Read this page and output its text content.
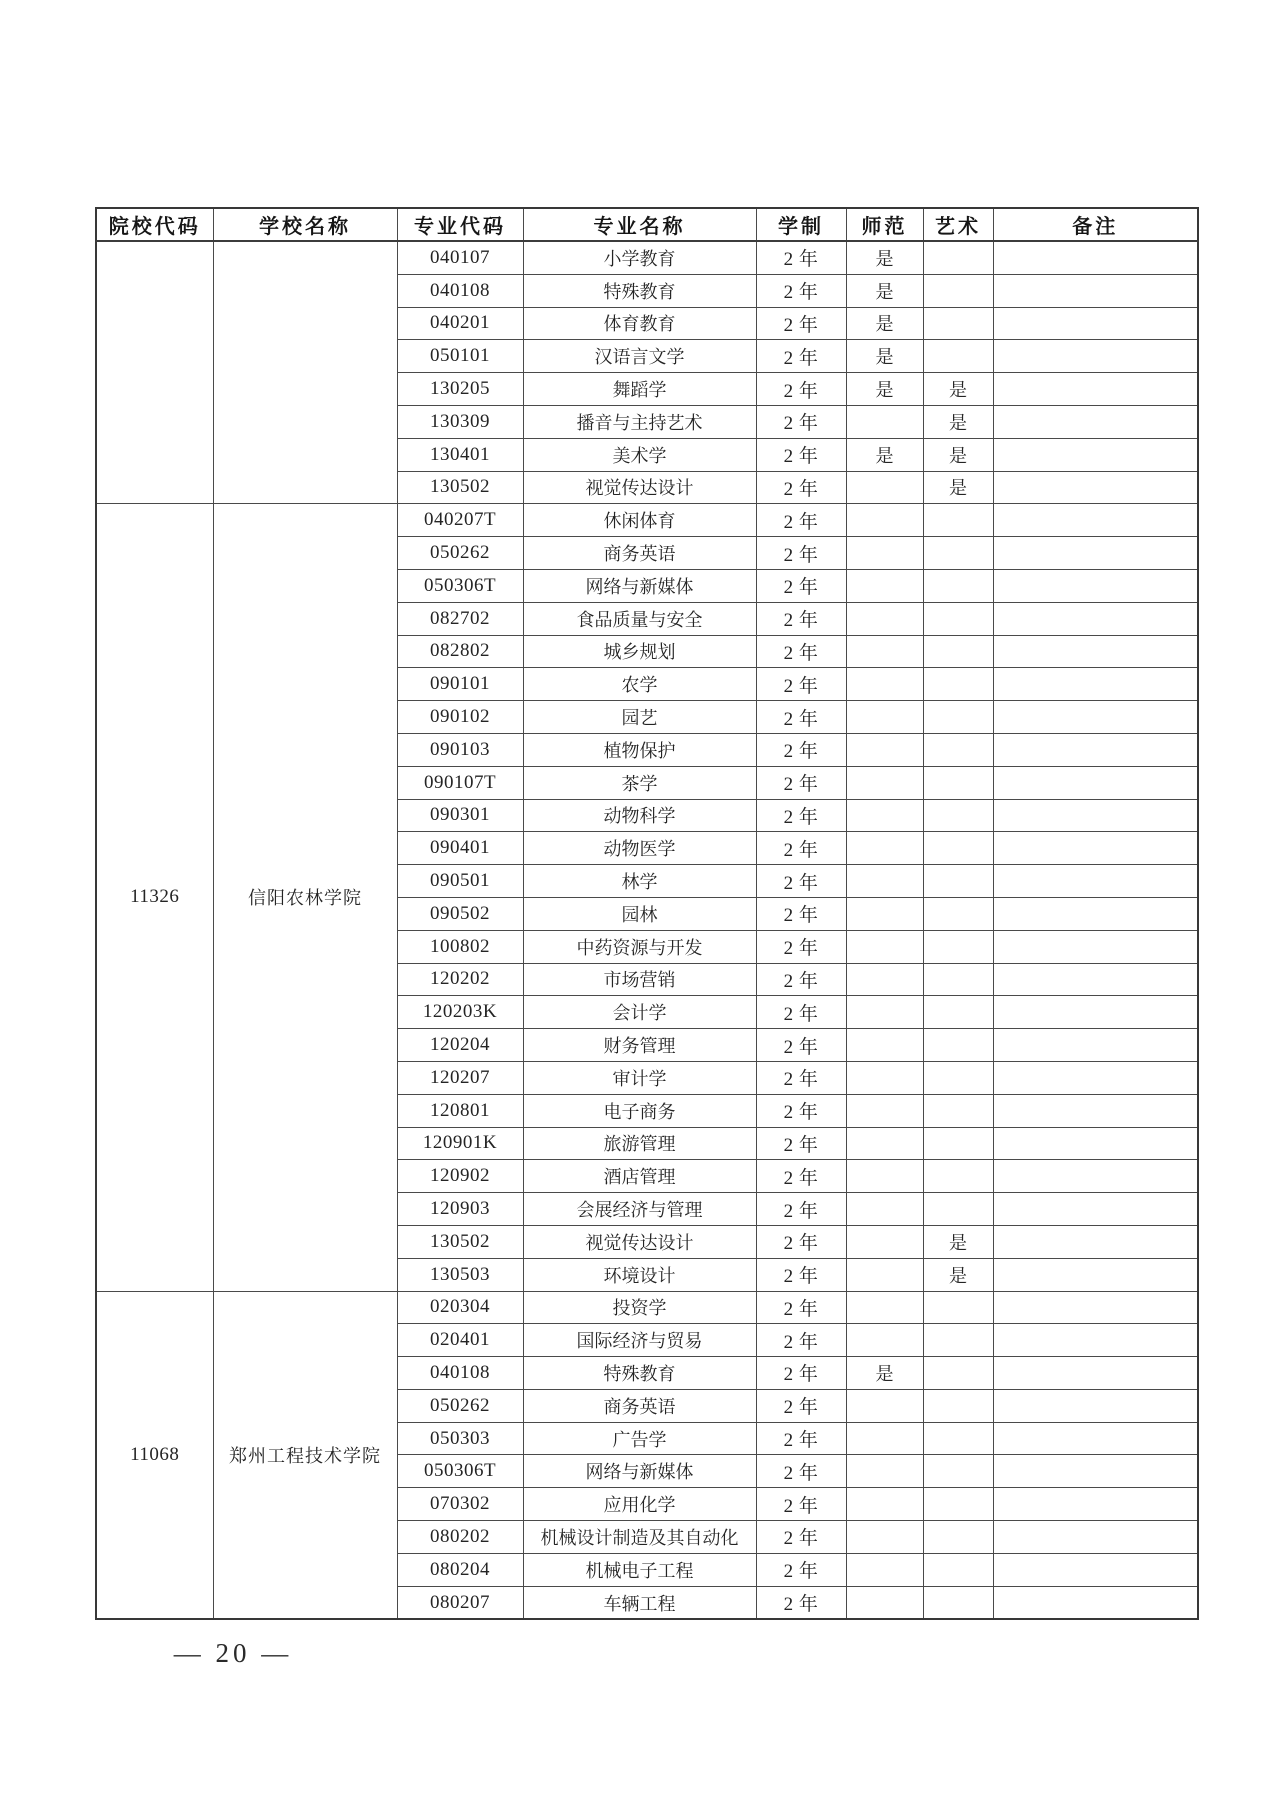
院校代码	学校名称	专业代码	专业名称	学制	师范	艺术	备注
		040107	小学教育	2 年	是		
		040108	特殊教育	2 年	是		
		040201	体育教育	2 年	是		
		050101	汉语言文学	2 年	是		
		130205	舞蹈学	2 年	是	是	
		130309	播音与主持艺术	2 年		是	
		130401	美术学	2 年	是	是	
		130502	视觉传达设计	2 年		是	
11326	信阳农林学院	040207T	休闲体育	2 年			
		050262	商务英语	2 年			
		050306T	网络与新媒体	2 年			
		082702	食品质量与安全	2 年			
		082802	城乡规划	2 年			
		090101	农学	2 年			
		090102	园艺	2 年			
		090103	植物保护	2 年			
		090107T	茶学	2 年			
		090301	动物科学	2 年			
		090401	动物医学	2 年			
		090501	林学	2 年			
		090502	园林	2 年			
		100802	中药资源与开发	2 年			
		120202	市场营销	2 年			
		120203K	会计学	2 年			
		120204	财务管理	2 年			
		120207	审计学	2 年			
		120801	电子商务	2 年			
		120901K	旅游管理	2 年			
		120902	酒店管理	2 年			
		120903	会展经济与管理	2 年			
		130502	视觉传达设计	2 年		是	
		130503	环境设计	2 年		是	
11068	郑州工程技术学院	020304	投资学	2 年			
		020401	国际经济与贸易	2 年			
		040108	特殊教育	2 年	是		
		050262	商务英语	2 年			
		050303	广告学	2 年			
		050306T	网络与新媒体	2 年			
		070302	应用化学	2 年			
		080202	机械设计制造及其自动化	2 年			
		080204	机械电子工程	2 年			
		080207	车辆工程	2 年			
— 20 —
